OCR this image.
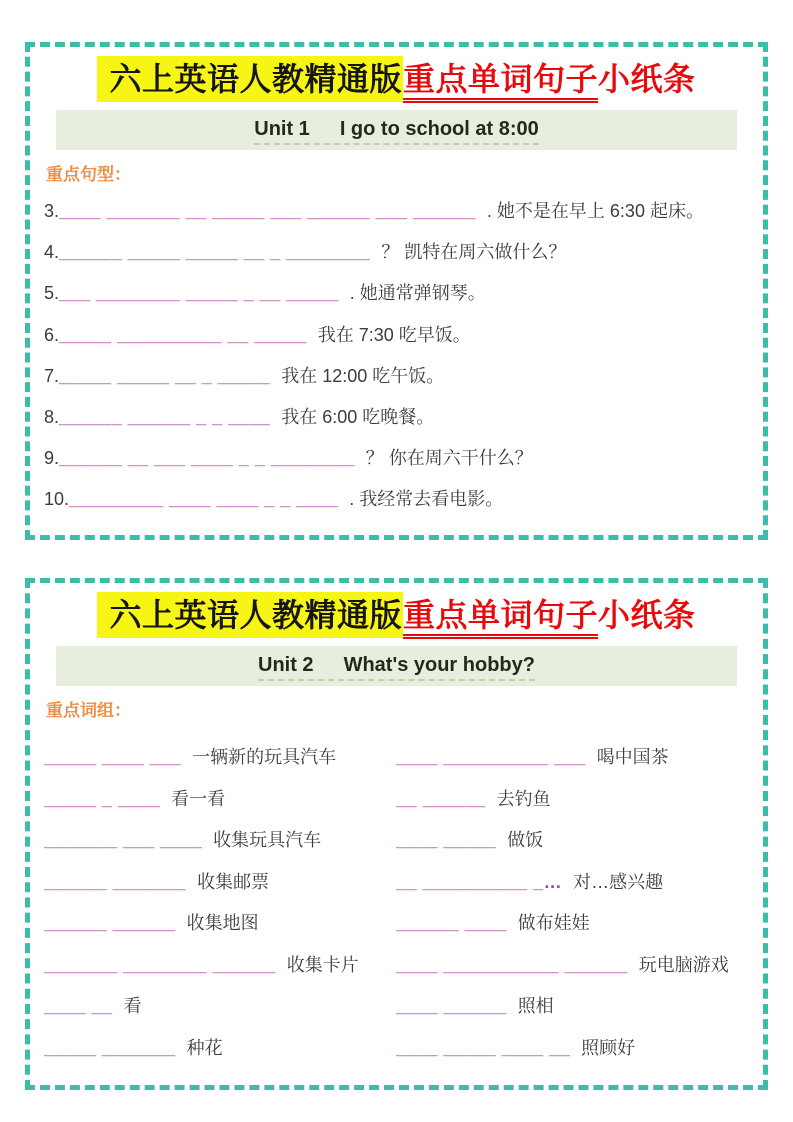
六上英语人教精通版重点单词句子小纸条
Unit 1 I go to school at 8:00
重点句型：
3.____ _______ __ _____ ___ ______ ___ ______ . 她不是在早上 6:30 起床。
4.______ _____ _____ __ _ ________ ？ 凯特在周六做什么？
5.___ ________ _____ _ __ _____ . 她通常弹钢琴。
6._____ __________ __ _____ 我在 7:30 吃早饭。
7._____ _____ __ _ _____ 我在 12:00 吃午饭。
8.______ ______ _ _ ____ 我在 6:00 吃晚餐。
9.______ __ ___ ____ _ _ ________ ？ 你在周六干什么？
10._________ ____ ____ _ _ ____ . 我经常去看电影。
六上英语人教精通版重点单词句子小纸条
Unit 2 What's your hobby?
重点词组：
_____ ____ ___ 一辆新的玩具汽车	____ __________ ___ 喝中国茶
_____ _ ____ 看一看	__ ______ 去钓鱼
_______ ___ ____ 收集玩具汽车	____ _____ 做饭
______ _______ 收集邮票	__ __________ _… 对…感兴趣
______ ______ 收集地图	______ ____ 做布娃娃
_______ ________ ______ 收集卡片	____ ___________ ______ 玩电脑游戏
____ __ 看	____ ______ 照相
_____ _______ 种花	____ _____ ____ __ 照顾好
